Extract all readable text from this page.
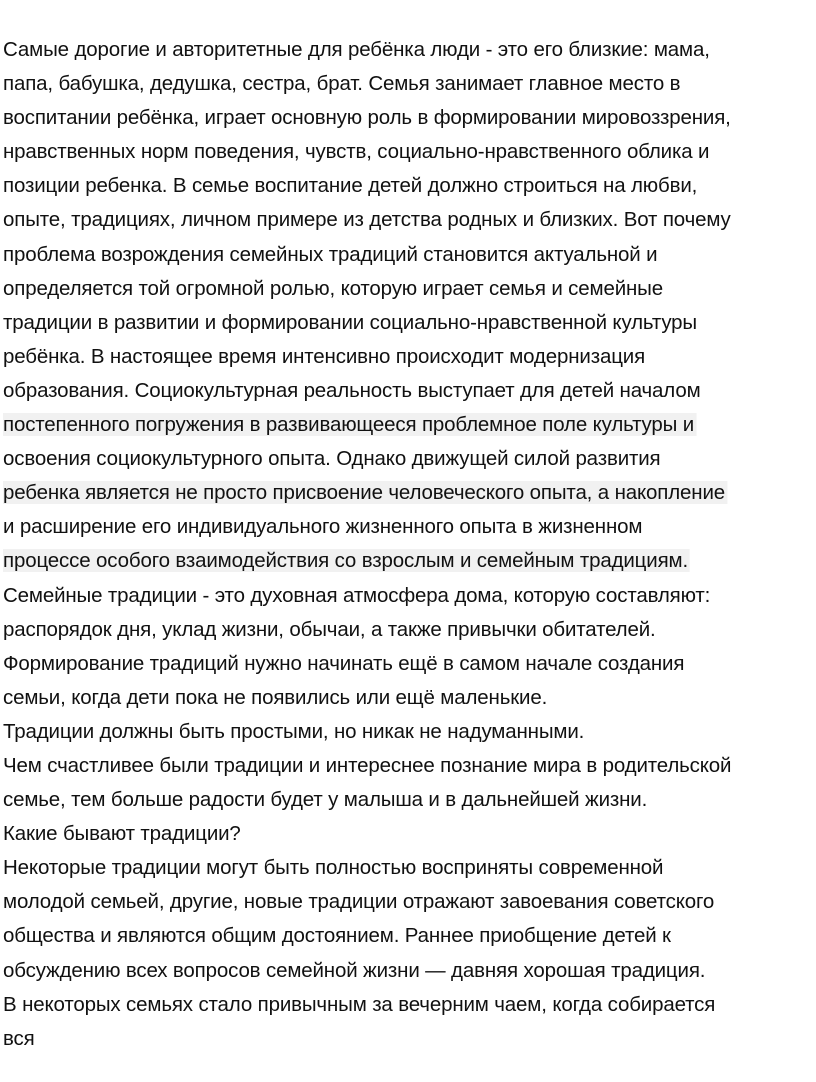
Самые дорогие и авторитетные для ребёнка люди - это его близкие: мама,
папа, бабушка, дедушка, сестра, брат. Семья занимает главное место в
воспитании ребёнка, играет основную роль в формировании мировоззрения,
нравственных норм поведения, чувств, социально-нравственного облика и
позиции ребенка. В семье воспитание детей должно строиться на любви,
опыте, традициях, личном примере из детства родных и близких. Вот почему
проблема возрождения семейных традиций становится актуальной и
определяется той огромной ролью, которую играет семья и семейные
традиции в развитии и формировании социально-нравственной культуры
ребёнка. В настоящее время интенсивно происходит модернизация
образования. Социокультурная реальность выступает для детей началом
постепенного погружения в развивающееся проблемное поле культуры и
освоения социокультурного опыта. Однако движущей силой развития
ребенка является не просто присвоение человеческого опыта, а накопление
и расширение его индивидуального жизненного опыта в жизненном
процессе особого взаимодействия со взрослым и семейным традициям.
Семейные традиции - это духовная атмосфера дома, которую составляют:
распорядок дня, уклад жизни, обычаи, а также привычки обитателей.
Формирование традиций нужно начинать ещё в самом начале создания
семьи, когда дети пока не появились или ещё маленькие.
Традиции должны быть простыми, но никак не надуманными.
Чем счастливее были традиции и интереснее познание мира в родительской
семье, тем больше радости будет у малыша и в дальнейшей жизни.
Какие бывают традиции?
Некоторые традиции могут быть полностью восприняты современной
молодой семьей, другие, новые традиции отражают завоевания советского
общества и являются общим достоянием. Раннее приобщение детей к
обсуждению всех вопросов семейной жизни — давняя хорошая традиция.
В некоторых семьях стало привычным за вечерним чаем, когда собирается
вся
